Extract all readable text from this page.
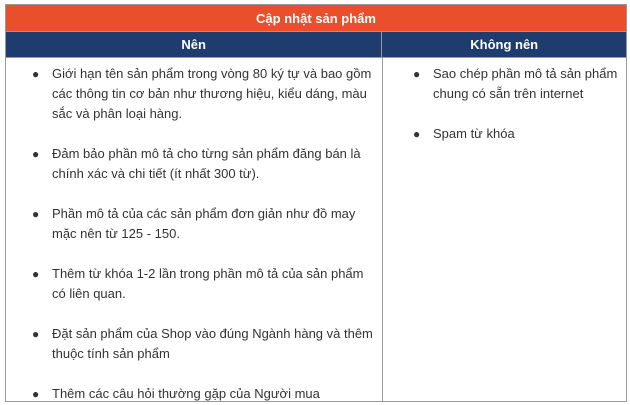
Cập nhật sản phẩm
Nên	Không nên
● Giới hạn tên sản phẩm trong vòng 80 ký tự và bao gồm các thông tin cơ bản như thương hiệu, kiểu dáng, màu sắc và phân loại hàng.
● Đảm bảo phần mô tả cho từng sản phẩm đăng bán là chính xác và chi tiết (ít nhất 300 từ).
● Phần mô tả của các sản phẩm đơn giản như đồ may mặc nên từ 125 - 150.
● Thêm từ khóa 1-2 lần trong phần mô tả của sản phẩm có liên quan.
● Đặt sản phẩm của Shop vào đúng Ngành hàng và thêm thuộc tính sản phẩm
● Thêm các câu hỏi thường gặp của Người mua
● Sao chép phần mô tả sản phẩm chung có sẵn trên internet
● Spam từ khóa
